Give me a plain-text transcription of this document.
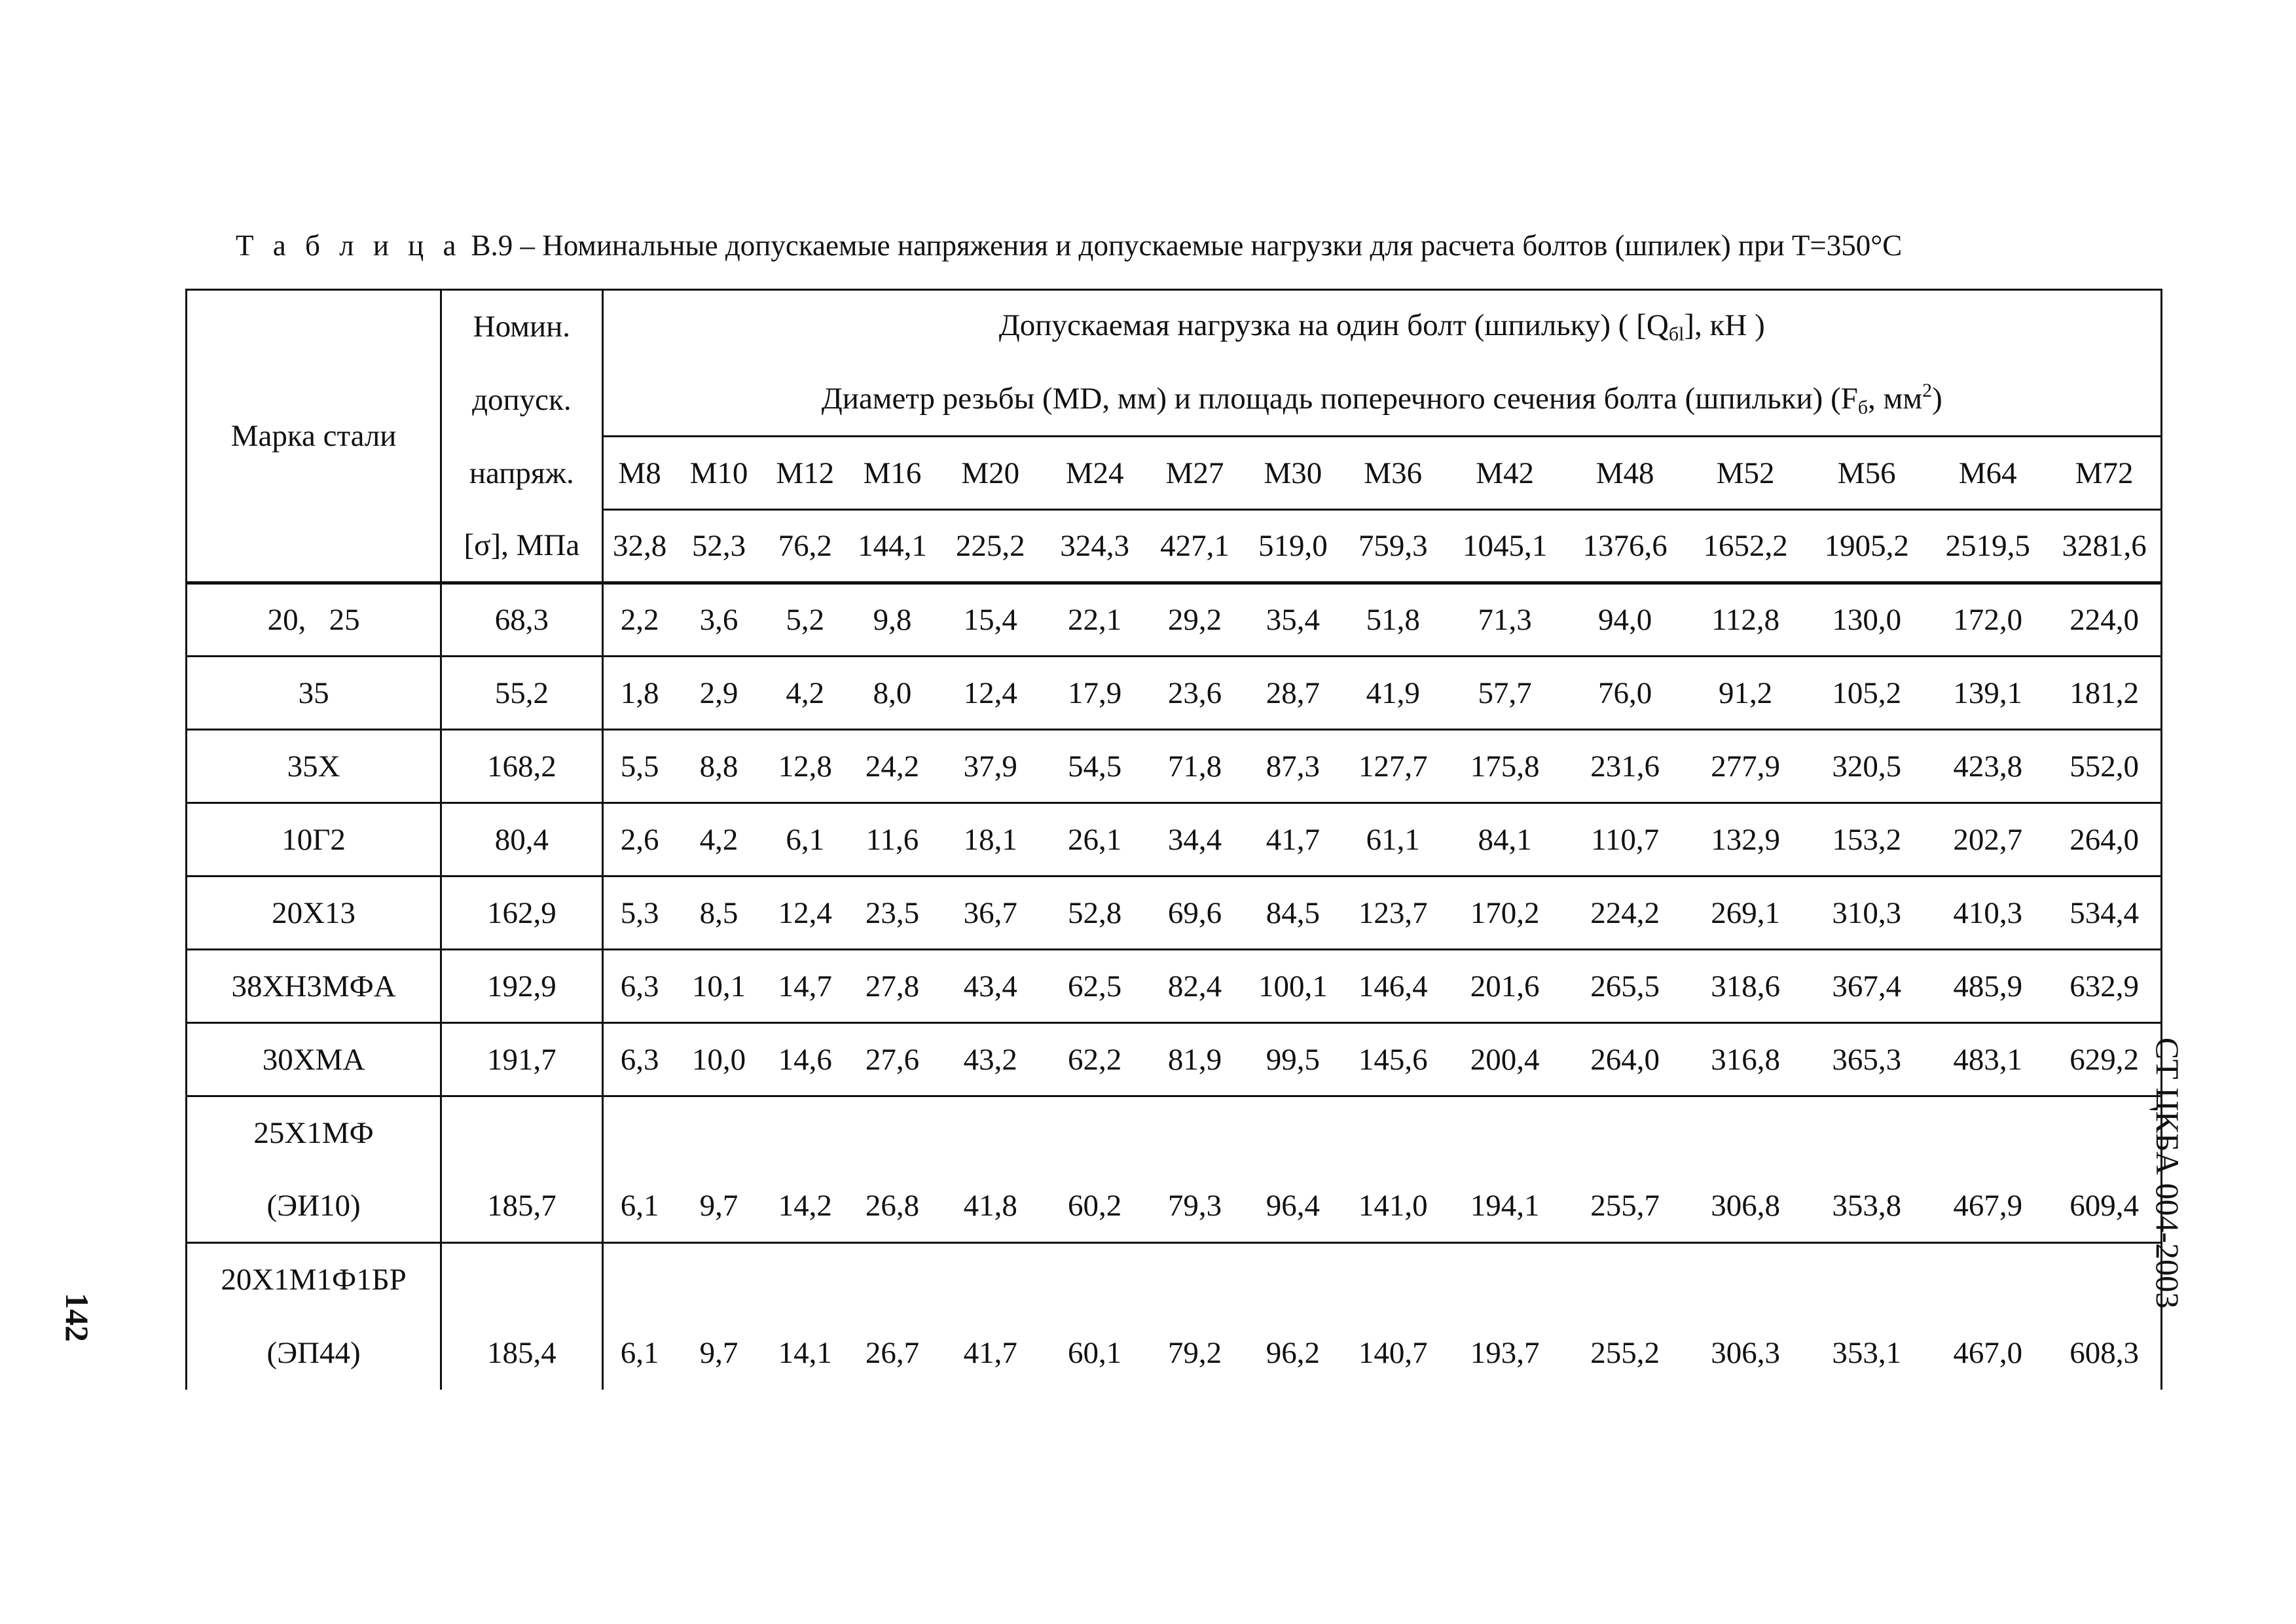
Т а б л и ц а В.9 – Номинальные допускаемые напряжения и допускаемые нагрузки для расчета болтов (шпилек) при Т=350°С
Марка стали	Номин.	Допускаемая нагрузка на один болт (шпильку) ( $[Q_{бl}]$, кН )														
	допуск.	Диаметр резьбы (MD, мм) и площадь поперечного сечения болта (шпильки) ($F_б$, $мм^2$)														
	напряж.	M8	M10	M12	M16	M20	M24	M27	M30	M36	M42	M48	M52	M56	M64	M72
	[σ], МПа	32,8	52,3	76,2	144,1	225,2	324,3	427,1	519,0	759,3	1045,1	1376,6	1652,2	1905,2	2519,5	3281,6
20,   25	68,3	2,2	3,6	5,2	9,8	15,4	22,1	29,2	35,4	51,8	71,3	94,0	112,8	130,0	172,0	224,0
35	55,2	1,8	2,9	4,2	8,0	12,4	17,9	23,6	28,7	41,9	57,7	76,0	91,2	105,2	139,1	181,2
35X	168,2	5,5	8,8	12,8	24,2	37,9	54,5	71,8	87,3	127,7	175,8	231,6	277,9	320,5	423,8	552,0
10Г2	80,4	2,6	4,2	6,1	11,6	18,1	26,1	34,4	41,7	61,1	84,1	110,7	132,9	153,2	202,7	264,0
20X13	162,9	5,3	8,5	12,4	23,5	36,7	52,8	69,6	84,5	123,7	170,2	224,2	269,1	310,3	410,3	534,4
38XH3MФA	192,9	6,3	10,1	14,7	27,8	43,4	62,5	82,4	100,1	146,4	201,6	265,5	318,6	367,4	485,9	632,9
30XMA	191,7	6,3	10,0	14,6	27,6	43,2	62,2	81,9	99,5	145,6	200,4	264,0	316,8	365,3	483,1	629,2
25X1MФ																
(ЭИ10)	185,7	6,1	9,7	14,2	26,8	41,8	60,2	79,3	96,4	141,0	194,1	255,7	306,8	353,8	467,9	609,4
20X1M1Ф1БР																
(ЭП44)	185,4	6,1	9,7	14,1	26,7	41,7	60,1	79,2	96,2	140,7	193,7	255,2	306,3	353,1	467,0	608,3
142
СТ ЦКБА 004-2003
